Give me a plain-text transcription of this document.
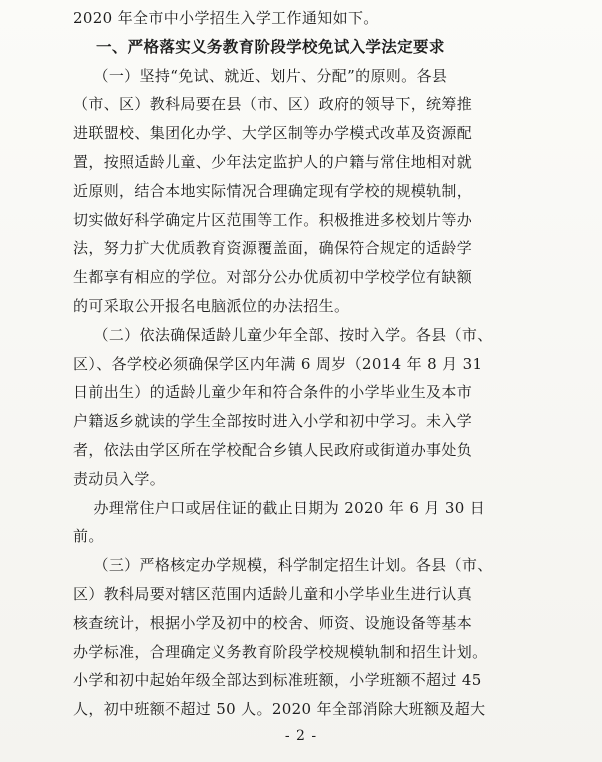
2020 年全市中小学招生入学工作通知如下。
一、严格落实义务教育阶段学校免试入学法定要求
（一）坚持“免试、就近、划片、分配”的原则。各县
（市、区）教科局要在县（市、区）政府的领导下，统筹推
进联盟校、集团化办学、大学区制等办学模式改革及资源配
置，按照适龄儿童、少年法定监护人的户籍与常住地相对就
近原则，结合本地实际情况合理确定现有学校的规模轨制，
切实做好科学确定片区范围等工作。积极推进多校划片等办
法，努力扩大优质教育资源覆盖面，确保符合规定的适龄学
生都享有相应的学位。对部分公办优质初中学校学位有缺额
的可采取公开报名电脑派位的办法招生。
（二）依法确保适龄儿童少年全部、按时入学。各县（市、
区）、各学校必须确保学区内年满 6 周岁（2014 年 8 月 31
日前出生）的适龄儿童少年和符合条件的小学毕业生及本市
户籍返乡就读的学生全部按时进入小学和初中学习。未入学
者，依法由学区所在学校配合乡镇人民政府或街道办事处负
责动员入学。
办理常住户口或居住证的截止日期为 2020 年 6 月 30 日
前。
（三）严格核定办学规模，科学制定招生计划。各县（市、
区）教科局要对辖区范围内适龄儿童和小学毕业生进行认真
核查统计，根据小学及初中的校舍、师资、设施设备等基本
办学标准，合理确定义务教育阶段学校规模轨制和招生计划。
小学和初中起始年级全部达到标准班额，小学班额不超过 45
人，初中班额不超过 50 人。2020 年全部消除大班额及超大
- 2 -
